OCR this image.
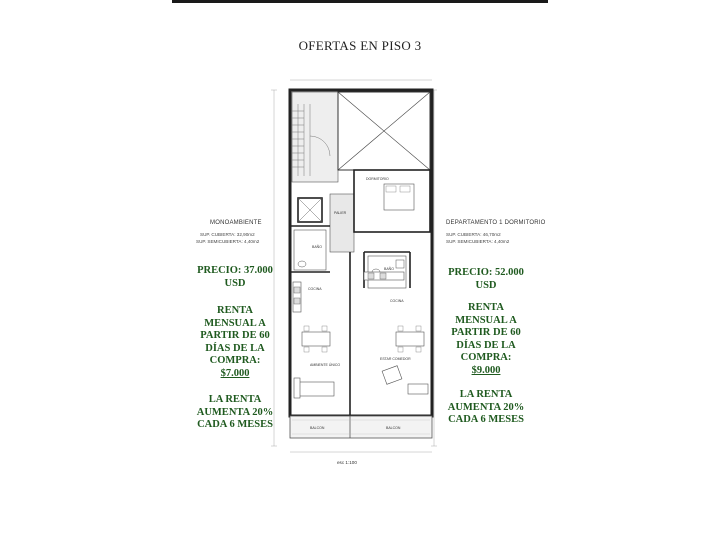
OFERTAS EN PISO 3
MONOAMBIENTE
SUP. CUBIERTA: 32,90m2
SUP. SEMICUBIERTA: 4,40m2
PRECIO: 37.000
USD
RENTA
MENSUAL A
PARTIR DE 60
DÍAS DE LA
COMPRA:
$7.000
LA RENTA
AUMENTA 20%
CADA 6 MESES
DEPARTAMENTO 1 DORMITORIO
SUP. CUBIERTA: 46,70m2
SUP. SEMICUBIERTA: 4,40m2
PRECIO: 52.000
USD
RENTA
MENSUAL A
PARTIR DE 60
DÍAS DE LA
COMPRA:
$9.000
LA RENTA
AUMENTA 20%
CADA 6 MESES
PALIER
DORMITORIO
BAÑO
BAÑO
COCINA
COCINA
AMBIENTE ÚNICO
ESTAR COMEDOR
BALCON	BALCON
esc 1:100
